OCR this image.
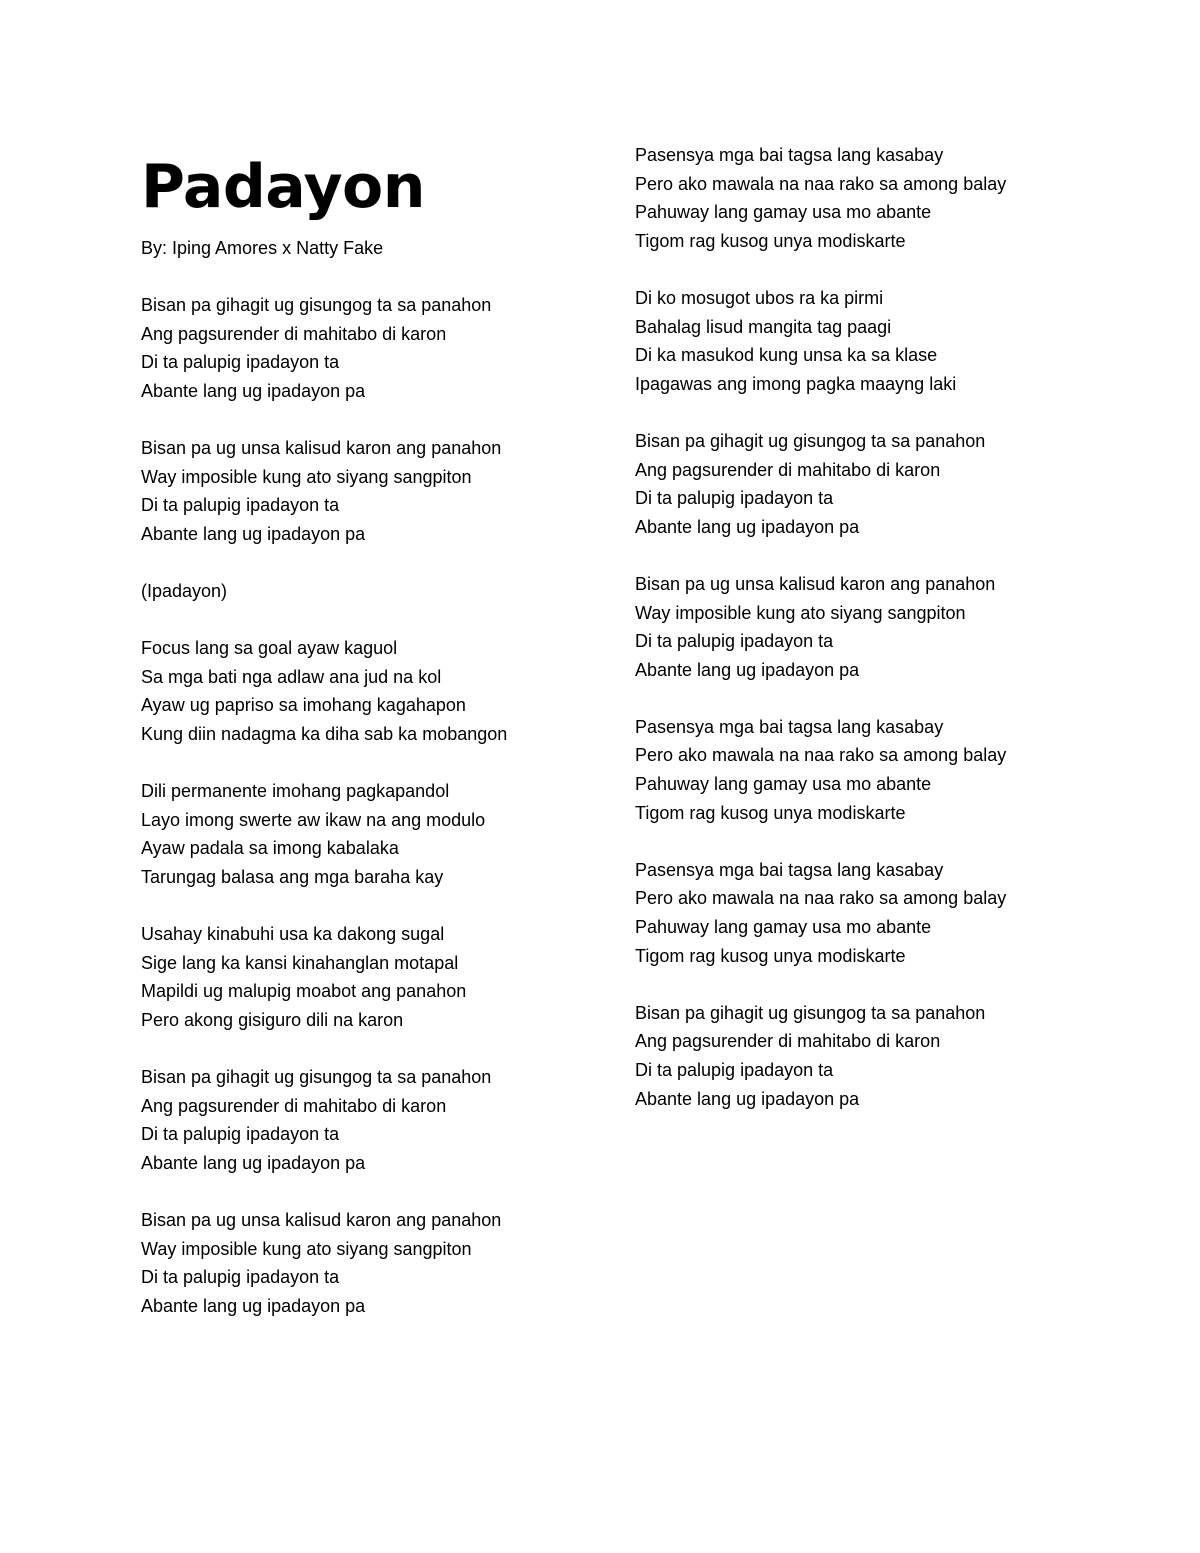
Padayon
By: Iping Amores x Natty Fake
Bisan pa gihagit ug gisungog ta sa panahon
Ang pagsurender di mahitabo di karon
Di ta palupig ipadayon ta
Abante lang ug ipadayon pa
Bisan pa ug unsa kalisud karon ang panahon
Way imposible kung ato siyang sangpiton
Di ta palupig ipadayon ta
Abante lang ug ipadayon pa
(Ipadayon)
Focus lang sa goal ayaw kaguol
Sa mga bati nga adlaw ana jud na kol
Ayaw ug papriso sa imohang kagahapon
Kung diin nadagma ka diha sab ka mobangon
Dili permanente imohang pagkapandol
Layo imong swerte aw ikaw na ang modulo
Ayaw padala sa imong kabalaka
Tarungag balasa ang mga baraha kay
Usahay kinabuhi usa ka dakong sugal
Sige lang ka kansi kinahanglan motapal
Mapildi ug malupig moabot ang panahon
Pero akong gisiguro dili na karon
Bisan pa gihagit ug gisungog ta sa panahon
Ang pagsurender di mahitabo di karon
Di ta palupig ipadayon ta
Abante lang ug ipadayon pa
Bisan pa ug unsa kalisud karon ang panahon
Way imposible kung ato siyang sangpiton
Di ta palupig ipadayon ta
Abante lang ug ipadayon pa
Pasensya mga bai tagsa lang kasabay
Pero ako mawala na naa rako sa among balay
Pahuway lang gamay usa mo abante
Tigom rag kusog unya modiskarte
Di ko mosugot ubos ra ka pirmi
Bahalag lisud mangita tag paagi
Di ka masukod kung unsa ka sa klase
Ipagawas ang imong pagka maayng laki
Bisan pa gihagit ug gisungog ta sa panahon
Ang pagsurender di mahitabo di karon
Di ta palupig ipadayon ta
Abante lang ug ipadayon pa
Bisan pa ug unsa kalisud karon ang panahon
Way imposible kung ato siyang sangpiton
Di ta palupig ipadayon ta
Abante lang ug ipadayon pa
Pasensya mga bai tagsa lang kasabay
Pero ako mawala na naa rako sa among balay
Pahuway lang gamay usa mo abante
Tigom rag kusog unya modiskarte
Pasensya mga bai tagsa lang kasabay
Pero ako mawala na naa rako sa among balay
Pahuway lang gamay usa mo abante
Tigom rag kusog unya modiskarte
Bisan pa gihagit ug gisungog ta sa panahon
Ang pagsurender di mahitabo di karon
Di ta palupig ipadayon ta
Abante lang ug ipadayon pa
